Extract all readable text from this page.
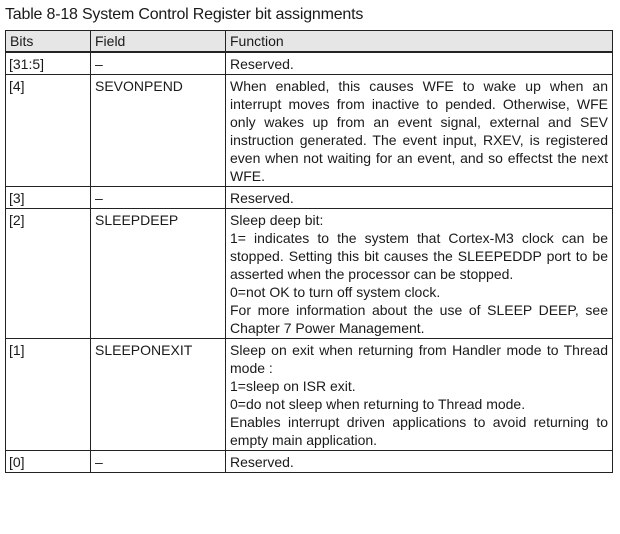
Table 8-18 System Control Register bit assignments
Bits	Field	Function
[31:5]	–	Reserved.

[4]	SEVONPEND	When enabled, this causes WFE to wake up when an interrupt moves from inactive to pended. Otherwise, WFE only wakes up from an event signal, external and SEV instruction generated. The event input, RXEV, is registered even when not waiting for an event, and so effectst the next WFE.

[3]	–	Reserved.

[2]	SLEEPDEEP	Sleep deep bit:
1= indicates to the system that Cortex-M3 clock can be stopped. Setting this bit causes the SLEEPEDDP port to be asserted when the processor can be stopped.
0=not OK to turn off system clock.
For more information about the use of SLEEP DEEP, see Chapter 7 Power Management.

[1]	SLEEPONEXIT	Sleep on exit when returning from Handler mode to Thread mode :
1=sleep on ISR exit.
0=do not sleep when returning to Thread mode.
Enables interrupt driven applications to avoid returning to empty main application.

[0]	–	Reserved.
